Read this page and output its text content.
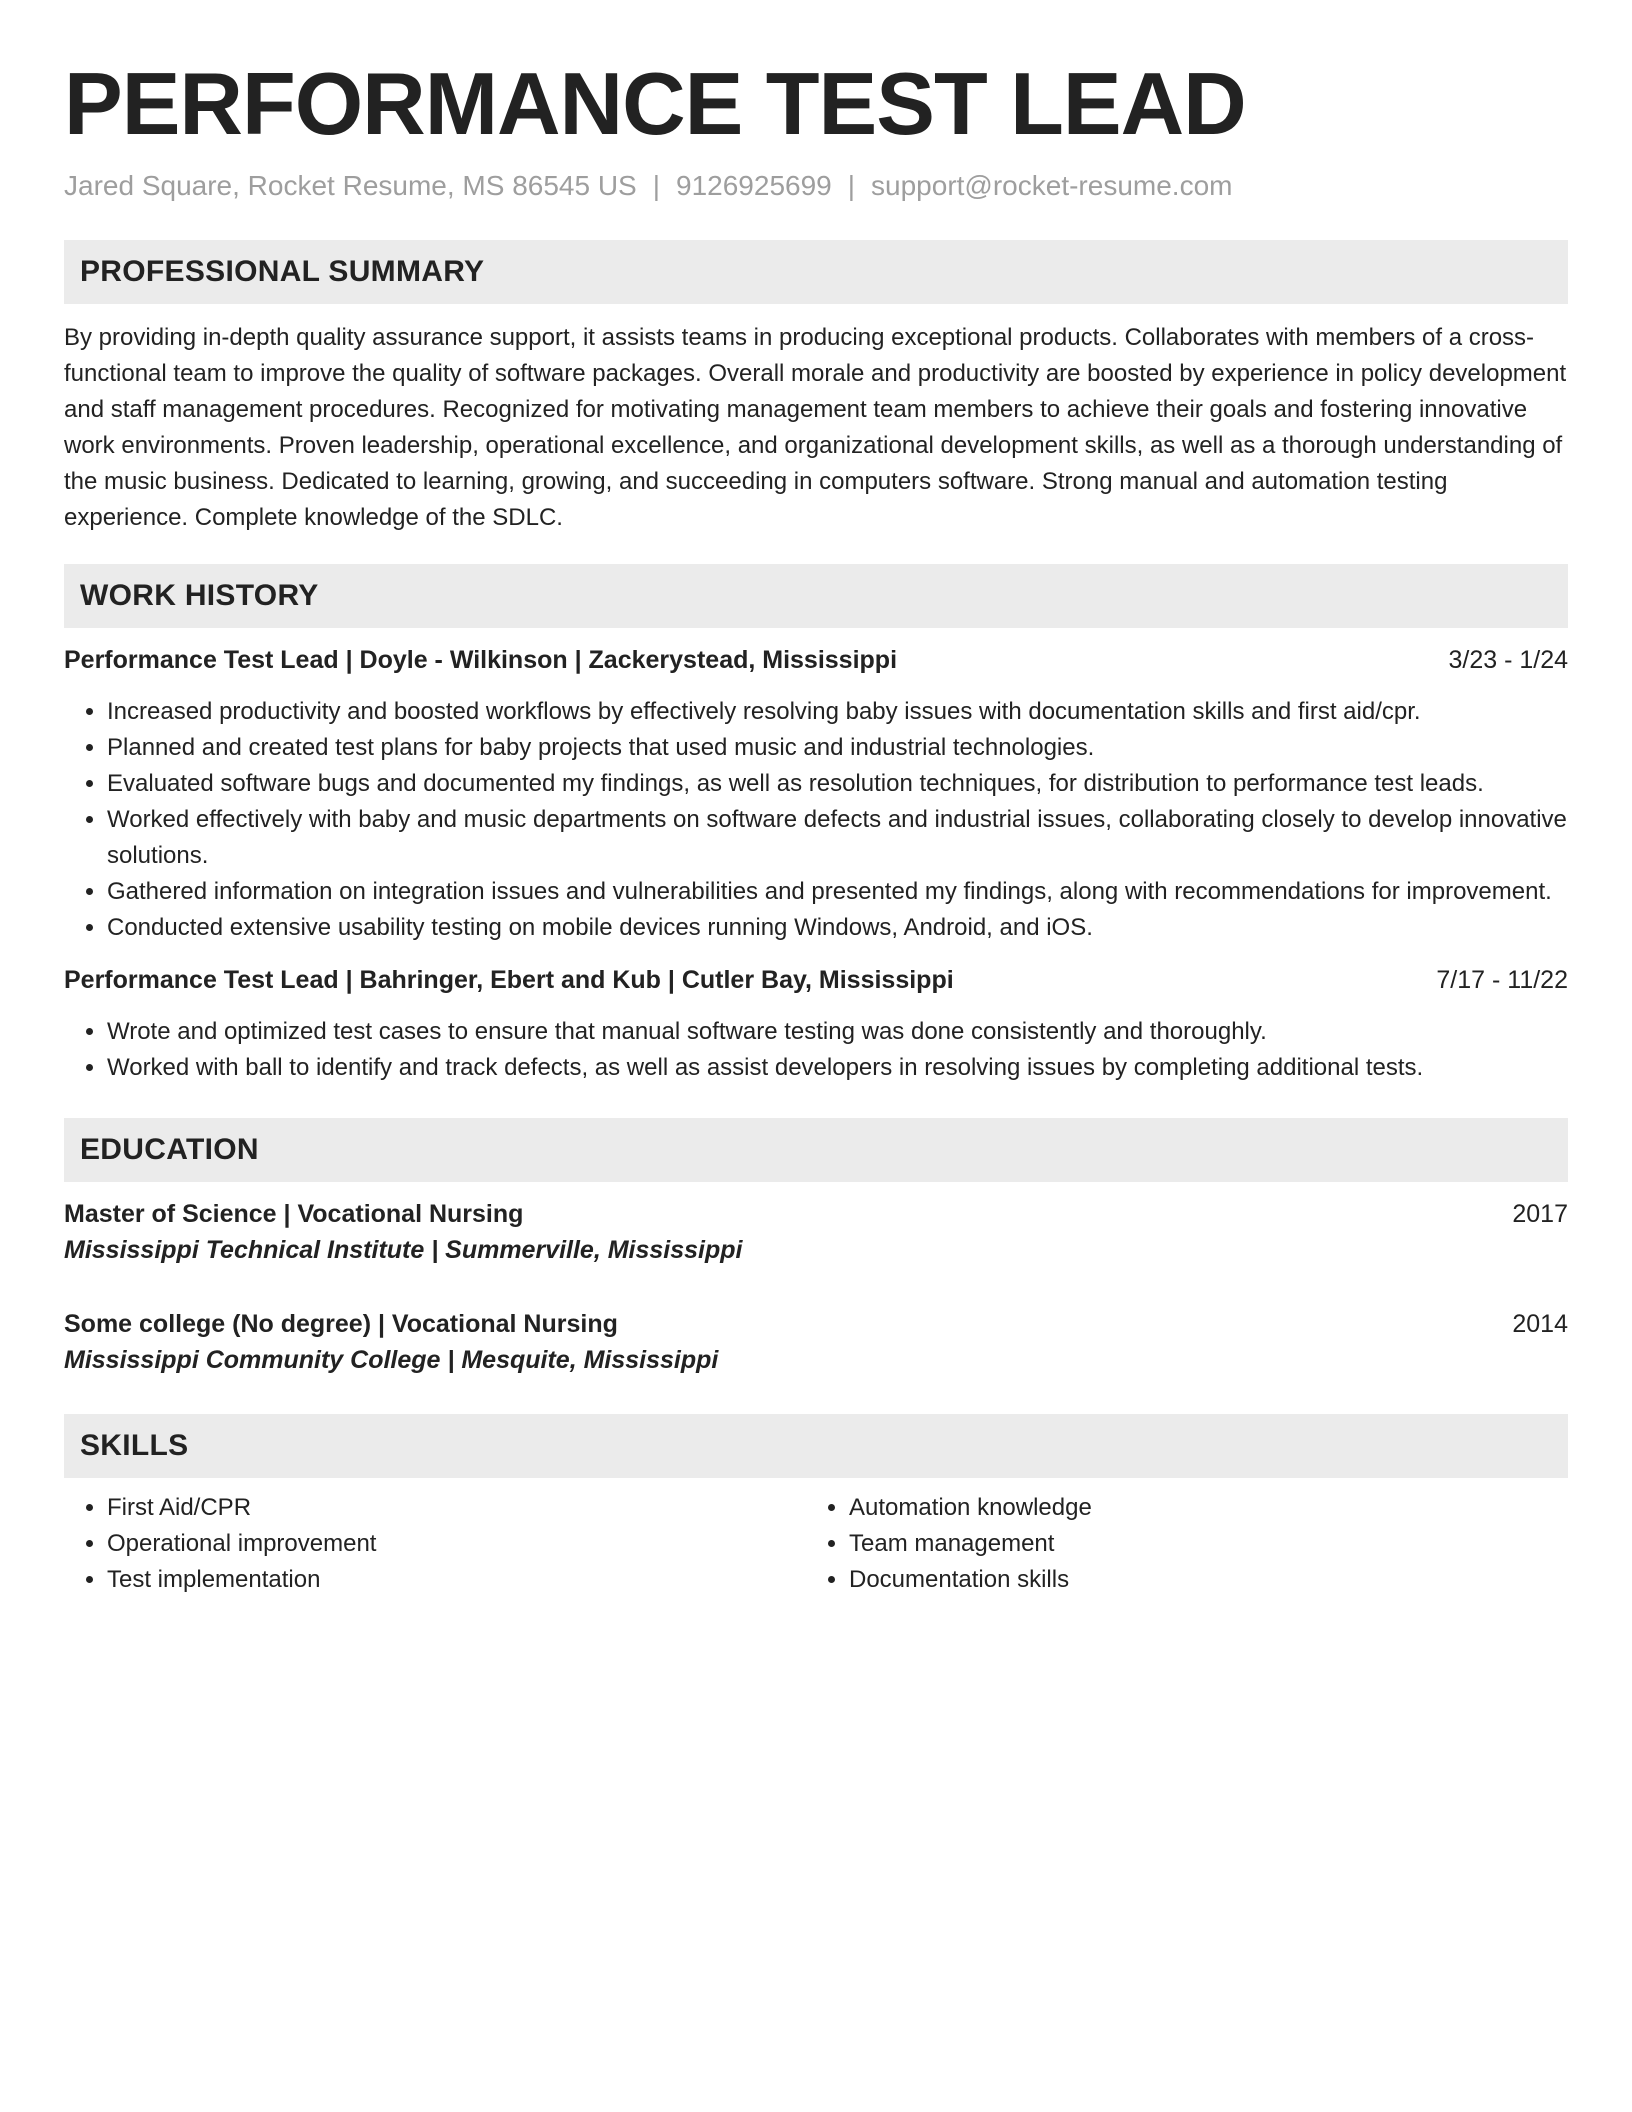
PERFORMANCE TEST LEAD
Jared Square, Rocket Resume, MS 86545 US | 9126925699 | support@rocket-resume.com
PROFESSIONAL SUMMARY

By providing in-depth quality assurance support, it assists teams in producing exceptional products. Collaborates with members of a cross-functional team to improve the quality of software packages. Overall morale and productivity are boosted by experience in policy development and staff management procedures. Recognized for motivating management team members to achieve their goals and fostering innovative work environments. Proven leadership, operational excellence, and organizational development skills, as well as a thorough understanding of the music business. Dedicated to learning, growing, and succeeding in computers software. Strong manual and automation testing experience. Complete knowledge of the SDLC.

WORK HISTORY
Performance Test Lead | Doyle - Wilkinson | Zackerystead, Mississippi	3/23 - 1/24
• Increased productivity and boosted workflows by effectively resolving baby issues with documentation skills and first aid/cpr.
• Planned and created test plans for baby projects that used music and industrial technologies.
• Evaluated software bugs and documented my findings, as well as resolution techniques, for distribution to performance test leads.
• Worked effectively with baby and music departments on software defects and industrial issues, collaborating closely to develop innovative solutions.
• Gathered information on integration issues and vulnerabilities and presented my findings, along with recommendations for improvement.
• Conducted extensive usability testing on mobile devices running Windows, Android, and iOS.
Performance Test Lead | Bahringer, Ebert and Kub | Cutler Bay, Mississippi	7/17 - 11/22
• Wrote and optimized test cases to ensure that manual software testing was done consistently and thoroughly.
• Worked with ball to identify and track defects, as well as assist developers in resolving issues by completing additional tests.
EDUCATION
Master of Science | Vocational Nursing	2017
Mississippi Technical Institute | Summerville, Mississippi
Some college (No degree) | Vocational Nursing	2014
Mississippi Community College | Mesquite, Mississippi
SKILLS
• First Aid/CPR
• Operational improvement
• Test implementation
• Automation knowledge
• Team management
• Documentation skills
